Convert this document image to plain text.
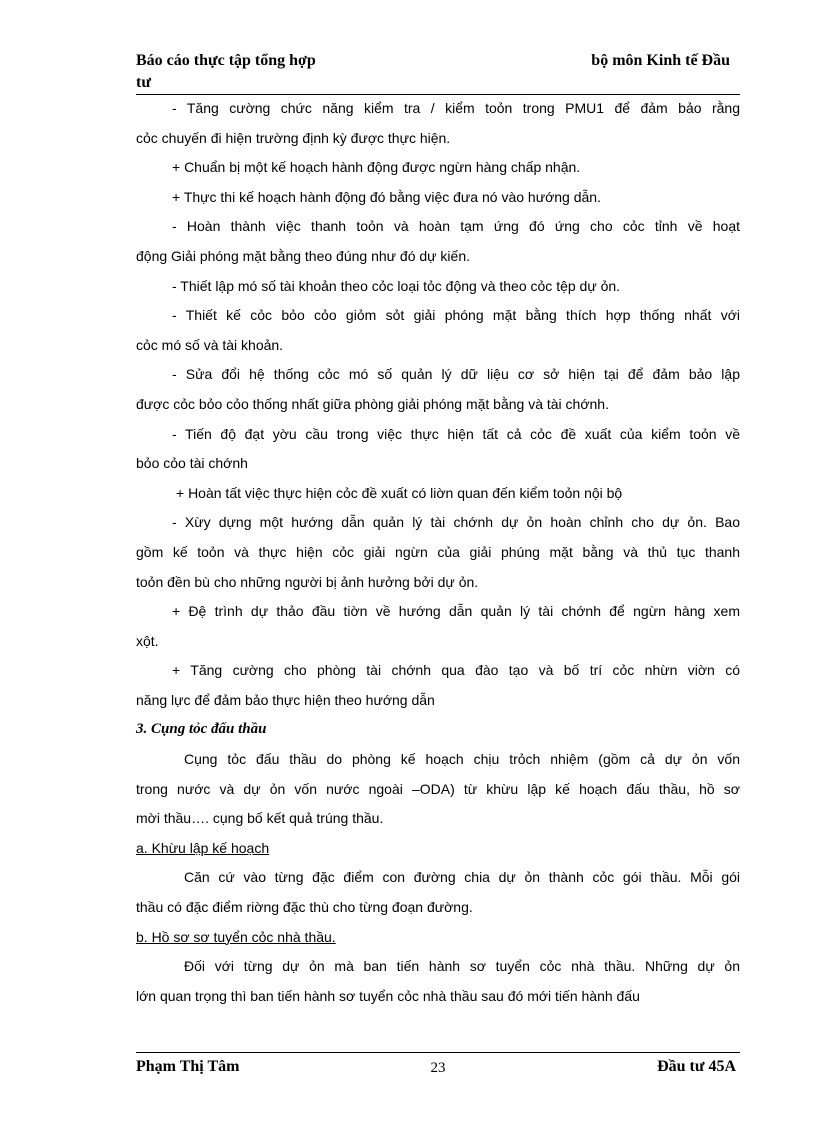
Báo cáo thực tập tổng hợp
tư
bộ môn Kinh tế Đầu
- Tăng cường chức năng kiểm tra / kiểm toỏn trong PMU1 để đảm bảo rằng
cỏc chuyến đi hiện trường định kỳ được thực hiện.
+ Chuẩn bị một kế hoạch hành động được ngừn hàng chấp nhận.
+ Thực thi kế hoạch hành động đó bằng việc đưa nó vào hướng dẫn.
- Hoàn thành việc thanh toỏn và hoàn tạm ứng đó ứng cho cỏc tỉnh về hoạt
động Giải phóng mặt bằng theo đúng như đó dự kiến.
- Thiết lập mó số tài khoản theo cỏc loại tỏc động và theo cỏc tệp dự ỏn.
- Thiết kế cỏc bỏo cỏo giỏm sỏt giải phóng mặt bằng thích hợp thống nhất với
cỏc mó số và tài khoản.
- Sửa đổi hệ thống cỏc mó số quản lý dữ liệu cơ sở hiện tại để đảm bảo lập
được cỏc bỏo cỏo thống nhất giữa phòng giải phóng mặt bằng và tài chớnh.
- Tiến độ đạt yờu cầu trong việc thực hiện tất cả cỏc đề xuất của kiểm toỏn về
bỏo cỏo tài chớnh
+ Hoàn tất việc thực hiện cỏc đề xuất có liờn quan đến kiểm toỏn nội bộ
- Xừy dựng một hướng dẫn quản lý tài chớnh dự ỏn hoàn chỉnh cho dự ỏn. Bao
gồm kế toỏn và thực hiện cỏc giải ngừn của giải phúng mặt bằng và thủ tục thanh
toỏn đền bù cho những người bị ảnh hưởng bởi dự ỏn.
+ Đệ trình dự thảo đầu tiờn về hướng dẫn quản lý tài chớnh để ngừn hàng xem
xột.
+ Tăng cường cho phòng tài chớnh qua đào tạo và bố trí cỏc nhừn viờn có
năng lực để đảm bảo thực hiện theo hướng dẫn
3. Cụng tỏc đấu thầu
Cụng tỏc đấu thầu do phòng kế hoạch chịu trỏch nhiệm (gồm cả dự ỏn vốn
trong nước và dự ỏn vốn nước ngoài –ODA) từ khừu lập kế hoạch đấu thầu, hồ sơ
mời thầu…. cụng bố kết quả trúng thầu.
a. Khừu lập kế hoạch
Căn cứ vào từng đặc điểm con đường chia dự ỏn thành cỏc gói thầu. Mỗi gói
thầu có đặc điểm riờng đặc thù cho từng đoạn đường.
b. Hồ sơ sơ tuyển cỏc nhà thầu.
Đối với từng dự ỏn mà ban tiến hành sơ tuyển cỏc nhà thầu. Những dự ỏn
lớn quan trọng thì ban tiến hành sơ tuyển cỏc nhà thầu sau đó mới tiến hành đấu
Phạm Thị Tâm	23	Đầu tư 45A
